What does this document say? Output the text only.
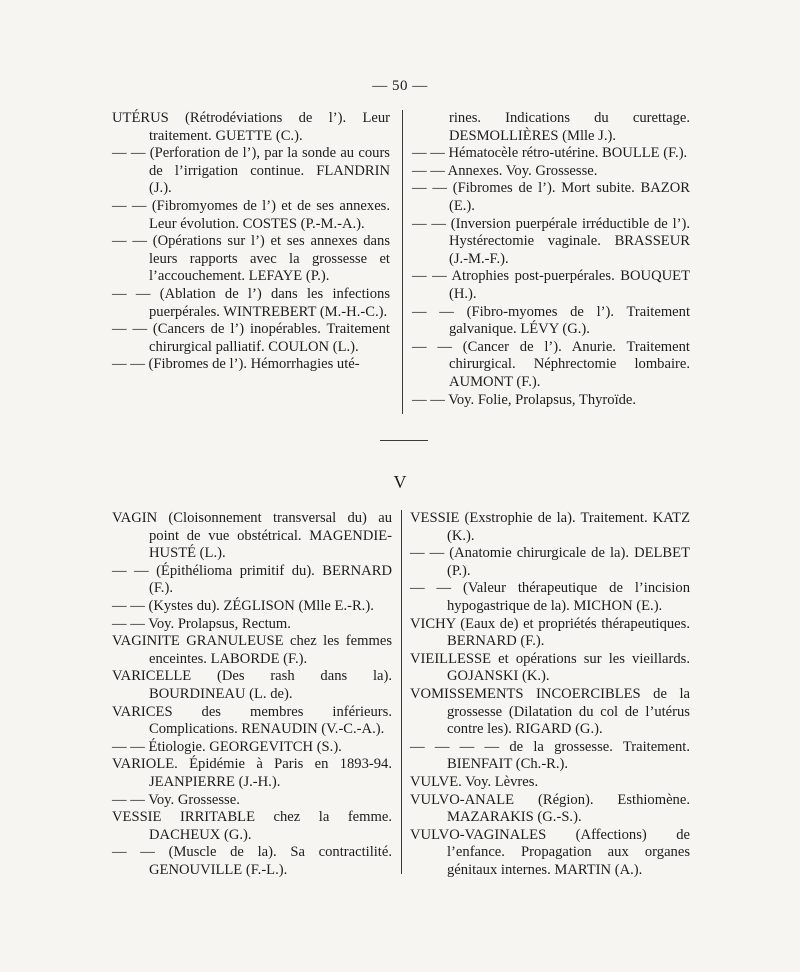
— 50 —

UTÉRUS (Rétrodéviations de l’). Leur traitement. GUETTE (C.).

— — (Perforation de l’), par la sonde au cours de l’irrigation continue. FLANDRIN (J.).

— — (Fibromyomes de l’) et de ses annexes. Leur évolution. COSTES (P.-M.-A.).

— — (Opérations sur l’) et ses annexes dans leurs rapports avec la grossesse et l’accouchement. LEFAYE (P.).

— — (Ablation de l’) dans les infections puerpérales. WINTREBERT (M.-H.-C.).

— — (Cancers de l’) inopérables. Traitement chirurgical palliatif. COULON (L.).

— — (Fibromes de l’). Hémorrhagies uté-

rines. Indications du curettage. DESMOLLIÈRES (Mlle J.).

— — Hématocèle rétro-utérine. BOULLE (F.).

— — Annexes. Voy. Grossesse.

— — (Fibromes de l’). Mort subite. BAZOR (E.).

— — (Inversion puerpérale irréductible de l’). Hystérectomie vaginale. BRASSEUR (J.-M.-F.).

— — Atrophies post-puerpérales. BOUQUET (H.).

— — (Fibro-myomes de l’). Traitement galvanique. LÉVY (G.).

— — (Cancer de l’). Anurie. Traitement chirurgical. Néphrectomie lombaire. AUMONT (F.).

— — Voy. Folie, Prolapsus, Thyroïde.

V

VAGIN (Cloisonnement transversal du) au point de vue obstétrical. MAGENDIE-HUSTÉ (L.).

— — (Épithélioma primitif du). BERNARD (F.).

— — (Kystes du). ZÉGLISON (Mlle E.-R.).

— — Voy. Prolapsus, Rectum.

VAGINITE GRANULEUSE chez les femmes enceintes. LABORDE (F.).

VARICELLE (Des rash dans la). BOURDINEAU (L. de).

VARICES des membres inférieurs. Complications. RENAUDIN (V.-C.-A.).

— — Étiologie. GEORGEVITCH (S.).

VARIOLE. Épidémie à Paris en 1893-94. JEANPIERRE (J.-H.).

— — Voy. Grossesse.

VESSIE IRRITABLE chez la femme. DACHEUX (G.).

— — (Muscle de la). Sa contractilité. GENOUVILLE (F.-L.).

VESSIE (Exstrophie de la). Traitement. KATZ (K.).

— — (Anatomie chirurgicale de la). DELBET (P.).

— — (Valeur thérapeutique de l’incision hypogastrique de la). MICHON (E.).

VICHY (Eaux de) et propriétés thérapeutiques. BERNARD (F.).

VIEILLESSE et opérations sur les vieillards. GOJANSKI (K.).

VOMISSEMENTS INCOERCIBLES de la grossesse (Dilatation du col de l’utérus contre les). RIGARD (G.).

— — — — de la grossesse. Traitement. BIENFAIT (Ch.-R.).

VULVE. Voy. Lèvres.

VULVO-ANALE (Région). Esthiomène. MAZARAKIS (G.-S.).

VULVO-VAGINALES (Affections) de l’enfance. Propagation aux organes génitaux internes. MARTIN (A.).
